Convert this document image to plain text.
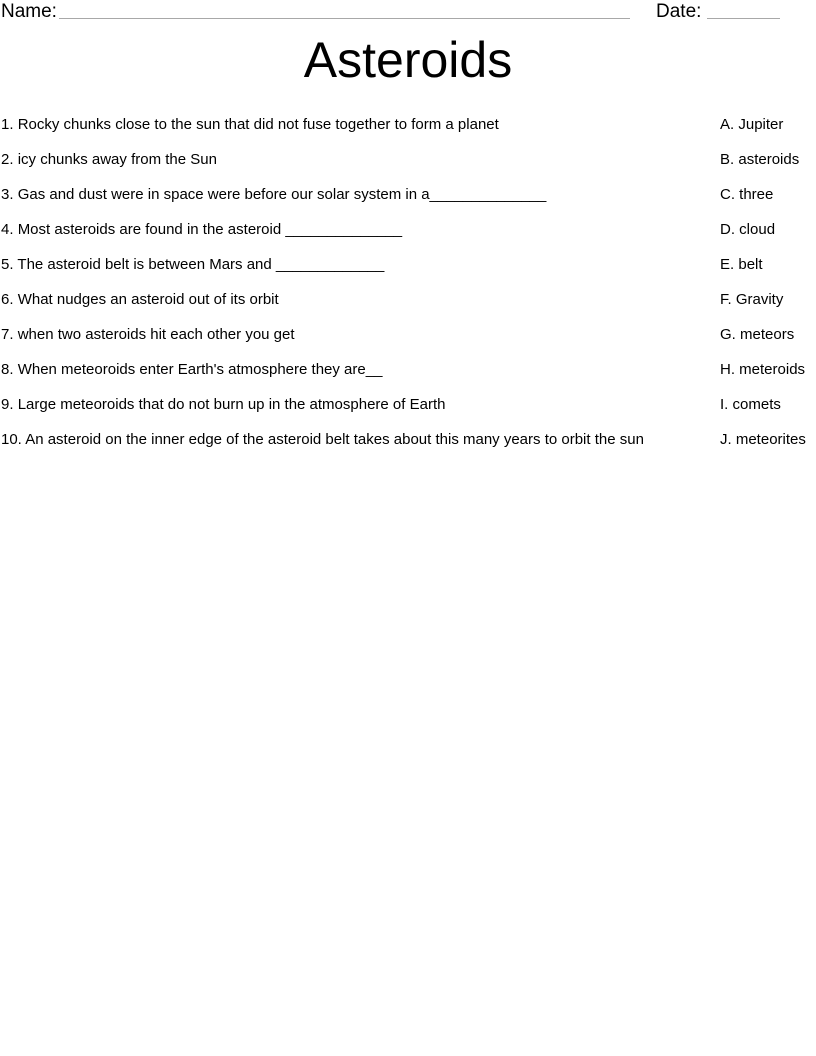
Name:	Date:
Asteroids
1. Rocky chunks close to the sun that did not fuse together to form a planet	A. Jupiter
2. icy chunks away from the Sun	B. asteroids
3. Gas and dust were in space were before our solar system in a______________	C. three
4. Most asteroids are found in the asteroid ______________	D. cloud
5. The asteroid belt is between Mars and _____________	E. belt
6. What nudges an asteroid out of its orbit	F. Gravity
7. when two asteroids hit each other you get	G. meteors
8. When meteoroids enter Earth's atmosphere they are__	H. meteroids
9. Large meteoroids that do not burn up in the atmosphere of Earth	I. comets
10. An asteroid on the inner edge of the asteroid belt takes about this many years to orbit the sun	J. meteorites
